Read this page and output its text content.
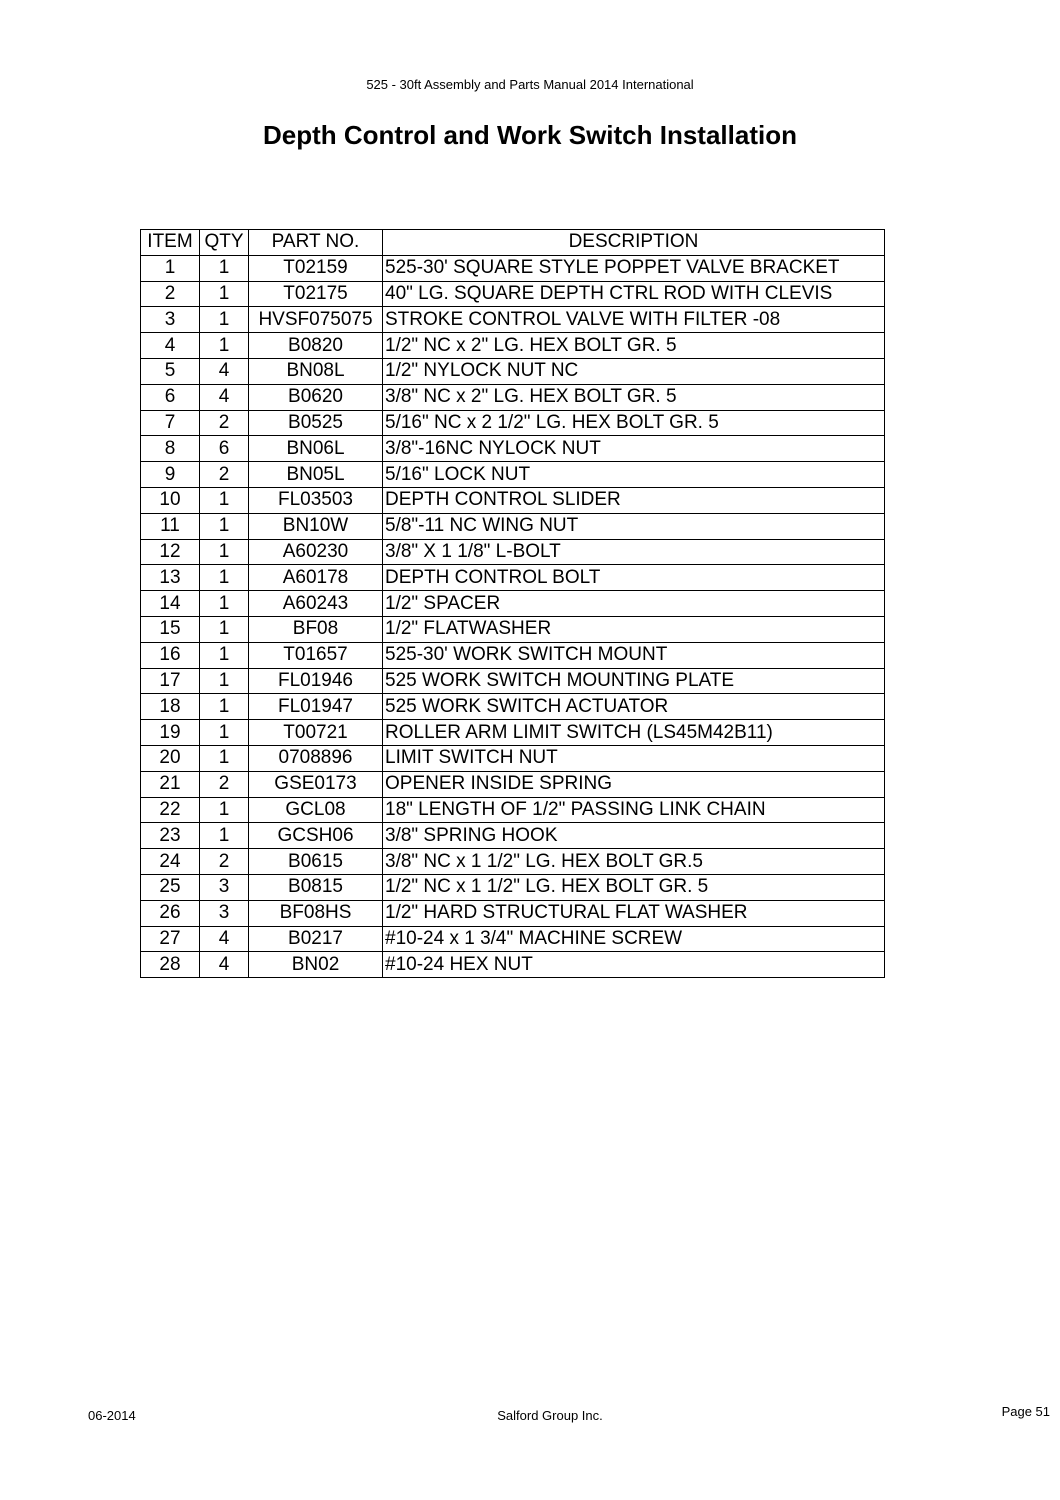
525 - 30ft Assembly and Parts Manual 2014 International
Depth Control and Work Switch Installation
ITEM	QTY	PART NO.	DESCRIPTION
1	1	T02159	525-30' SQUARE STYLE POPPET VALVE BRACKET
2	1	T02175	40" LG. SQUARE DEPTH CTRL ROD WITH CLEVIS
3	1	HVSF075075	STROKE CONTROL VALVE WITH FILTER -08
4	1	B0820	1/2" NC x 2" LG. HEX BOLT GR. 5
5	4	BN08L	1/2" NYLOCK NUT NC
6	4	B0620	3/8" NC x 2" LG. HEX BOLT GR. 5
7	2	B0525	5/16" NC x 2 1/2" LG. HEX BOLT GR. 5
8	6	BN06L	3/8"-16NC NYLOCK NUT
9	2	BN05L	5/16" LOCK NUT
10	1	FL03503	DEPTH CONTROL SLIDER
11	1	BN10W	5/8"-11 NC WING NUT
12	1	A60230	3/8" X 1 1/8" L-BOLT
13	1	A60178	DEPTH CONTROL BOLT
14	1	A60243	1/2" SPACER
15	1	BF08	1/2" FLATWASHER
16	1	T01657	525-30' WORK SWITCH MOUNT
17	1	FL01946	525 WORK SWITCH MOUNTING PLATE
18	1	FL01947	525 WORK SWITCH ACTUATOR
19	1	T00721	ROLLER ARM LIMIT SWITCH (LS45M42B11)
20	1	0708896	LIMIT SWITCH NUT
21	2	GSE0173	OPENER INSIDE SPRING
22	1	GCL08	18" LENGTH OF 1/2" PASSING LINK CHAIN
23	1	GCSH06	3/8" SPRING HOOK
24	2	B0615	3/8" NC x 1 1/2" LG. HEX BOLT GR.5
25	3	B0815	1/2" NC x 1 1/2" LG. HEX BOLT GR. 5
26	3	BF08HS	1/2" HARD STRUCTURAL FLAT WASHER
27	4	B0217	#10-24 x 1 3/4" MACHINE SCREW
28	4	BN02	#10-24 HEX NUT
06-2014	Salford Group Inc.	Page 51
